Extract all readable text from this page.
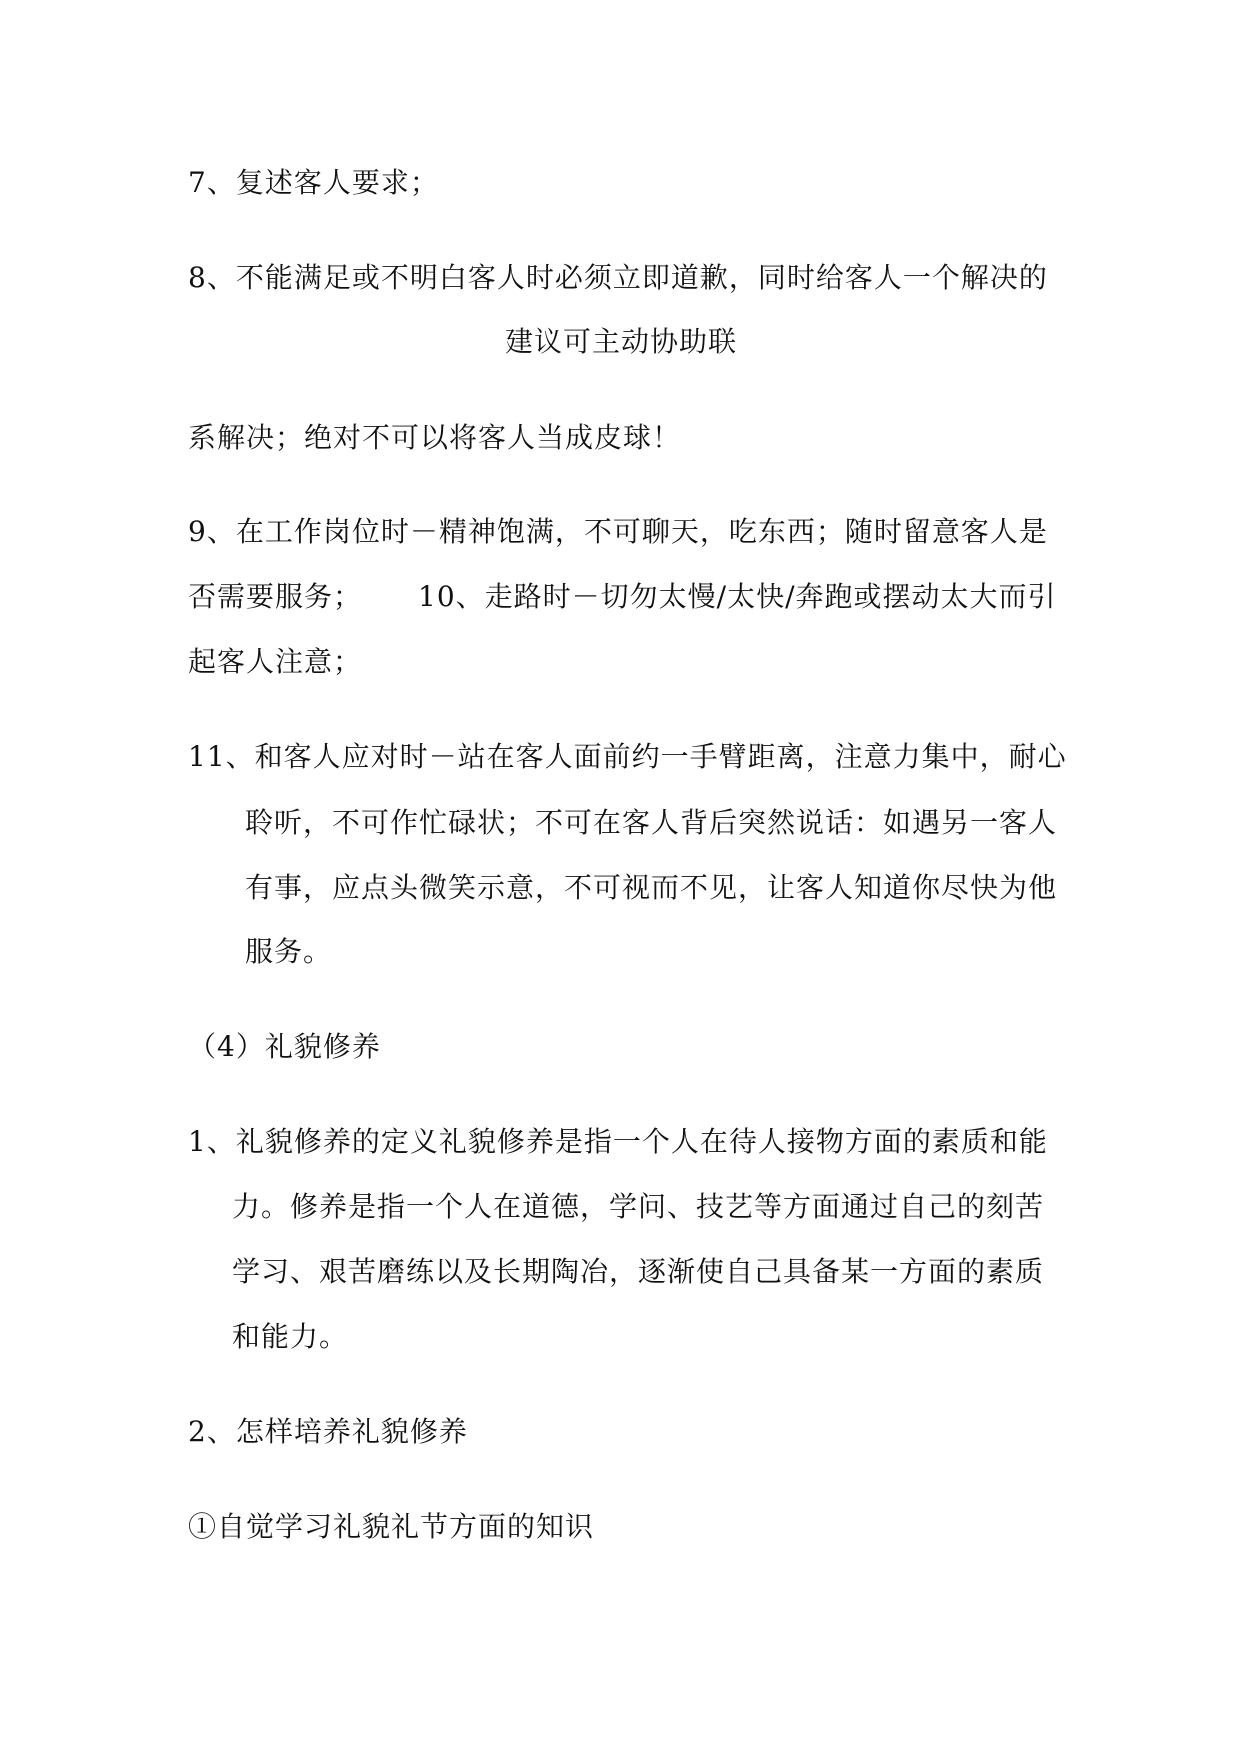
7、复述客人要求；
8、不能满足或不明白客人时必须立即道歉，同时给客人一个解决的
建议可主动协助联
系解决；绝对不可以将客人当成皮球！
9、在工作岗位时－精神饱满，不可聊天，吃东西；随时留意客人是
否需要服务； 10、走路时－切勿太慢/太快/奔跑或摆动太大而引
起客人注意；
11、和客人应对时－站在客人面前约一手臂距离，注意力集中，耐心
聆听，不可作忙碌状；不可在客人背后突然说话：如遇另一客人
有事，应点头微笑示意，不可视而不见，让客人知道你尽快为他
服务。
（4）礼貌修养
1、礼貌修养的定义礼貌修养是指一个人在待人接物方面的素质和能
力。修养是指一个人在道德，学问、技艺等方面通过自己的刻苦
学习、艰苦磨练以及长期陶冶，逐渐使自己具备某一方面的素质
和能力。
2、怎样培养礼貌修养
①自觉学习礼貌礼节方面的知识
